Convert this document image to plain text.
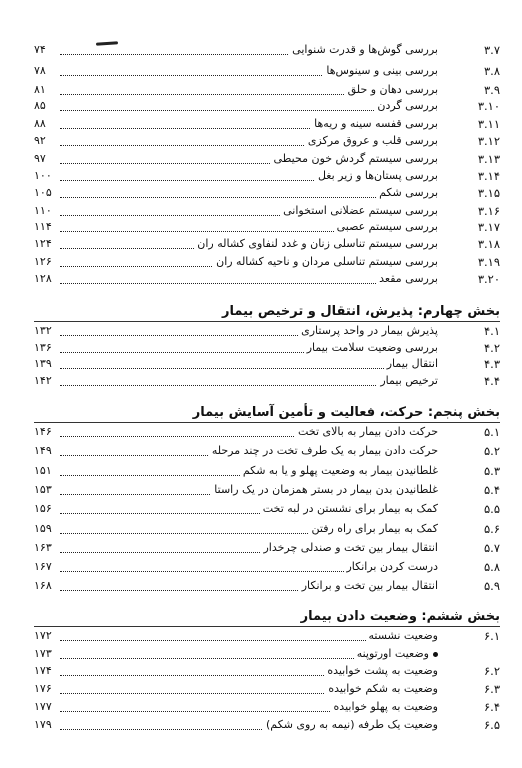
۳.۷
بررسی گوش‌ها و قدرت شنوایی
۷۴
۳.۸
بررسی بینی و سینوس‌ها
۷۸
۳.۹
بررسی دهان و حلق
۸۱
۳.۱۰
بررسی گردن
۸۵
۳.۱۱
بررسی قفسه سینه و ریه‌ها
۸۸
۳.۱۲
بررسی قلب و عروق مرکزی
۹۲
۳.۱۳
بررسی سیستم گردش خون محیطی
۹۷
۳.۱۴
بررسی پستان‌ها و زیر بغل
۱۰۰
۳.۱۵
بررسی شکم
۱۰۵
۳.۱۶
بررسی سیستم عضلانی استخوانی
۱۱۰
۳.۱۷
بررسی سیستم عصبی
۱۱۴
۳.۱۸
بررسی سیستم تناسلی زنان و غدد لنفاوی کشاله ران
۱۲۴
۳.۱۹
بررسی سیستم تناسلی مردان و ناحیه کشاله ران
۱۲۶
۳.۲۰
بررسی مقعد
۱۲۸
بخش چهارم: پذیرش، انتقال و ترخیص بیمار
۴.۱
پذیرش بیمار در واحد پرستاری
۱۳۲
۴.۲
بررسی وضعیت سلامت بیمار
۱۳۶
۴.۳
انتقال بیمار
۱۳۹
۴.۴
ترخیص بیمار
۱۴۲
بخش پنجم: حرکت، فعالیت و تأمین آسایش بیمار
۵.۱
حرکت دادن بیمار به بالای تخت
۱۴۶
۵.۲
حرکت دادن بیمار به یک طرف تخت در چند مرحله
۱۴۹
۵.۳
غلطانیدن بیمار به وضعیت پهلو و یا به شکم
۱۵۱
۵.۴
غلطانیدن بدن بیمار در بستر همزمان در یک راستا
۱۵۳
۵.۵
کمک به بیمار برای نشستن در لبه تخت
۱۵۶
۵.۶
کمک به بیمار برای راه رفتن
۱۵۹
۵.۷
انتقال بیمار بین تخت و صندلی چرخدار
۱۶۳
۵.۸
درست کردن برانکار
۱۶۷
۵.۹
انتقال بیمار بین تخت و برانکار
۱۶۸
بخش ششم: وضعیت دادن بیمار
۶.۱
وضعیت نشسته
۱۷۲
وضعیت اورتوپنه
۱۷۳
۶.۲
وضعیت به پشت خوابیده
۱۷۴
۶.۳
وضعیت به شکم خوابیده
۱۷۶
۶.۴
وضعیت به پهلو خوابیده
۱۷۷
۶.۵
وضعیت یک طرفه (نیمه به روی شکم)
۱۷۹
